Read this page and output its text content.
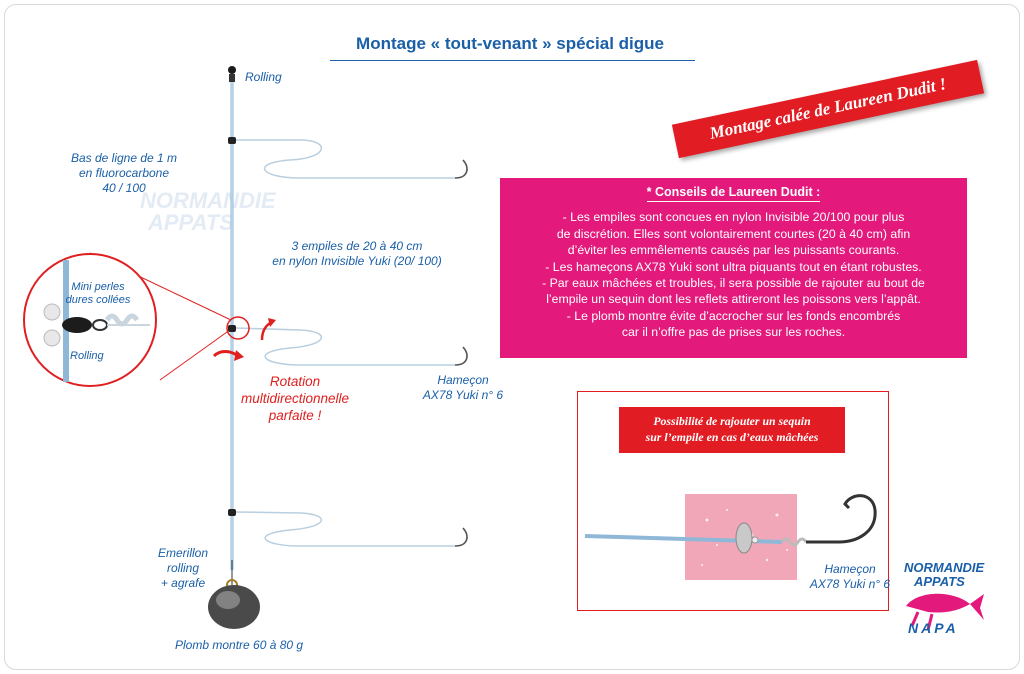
NORMANDIE
APPATS
Montage « tout-venant » spécial digue
Rolling
Bas de ligne de 1 m
en fluorocarbone
40 / 100
3 empiles de 20 à 40 cm
en nylon Invisible Yuki (20/ 100)
Mini perles
dures collées
Rolling
Rotation
multidirectionnelle
parfaite !
Hameçon
AX78 Yuki n° 6
Emerillon
rolling
+ agrafe
Plomb montre 60 à 80 g
Montage calée de Laureen Dudit !
* Conseils de Laureen Dudit :
- Les empiles sont concues en nylon Invisible 20/100 pour plus
de discrétion. Elles sont volontairement courtes (20 à 40 cm) afin
d’éviter les emmêlements causés par les puissants courants.
- Les hameçons AX78 Yuki sont ultra piquants tout en étant robustes.
- Par eaux mâchées et troubles, il sera possible de rajouter au bout de
l’empile un sequin dont les reflets attireront les poissons vers l’appât.
- Le plomb montre évite d’accrocher sur les fonds encombrés
car il n’offre pas de prises sur les roches.
Possibilité de rajouter un sequin
sur l’empile en cas d’eaux mâchées
Hameçon
AX78 Yuki n° 6
NORMANDIE
APPATS
NAPA
